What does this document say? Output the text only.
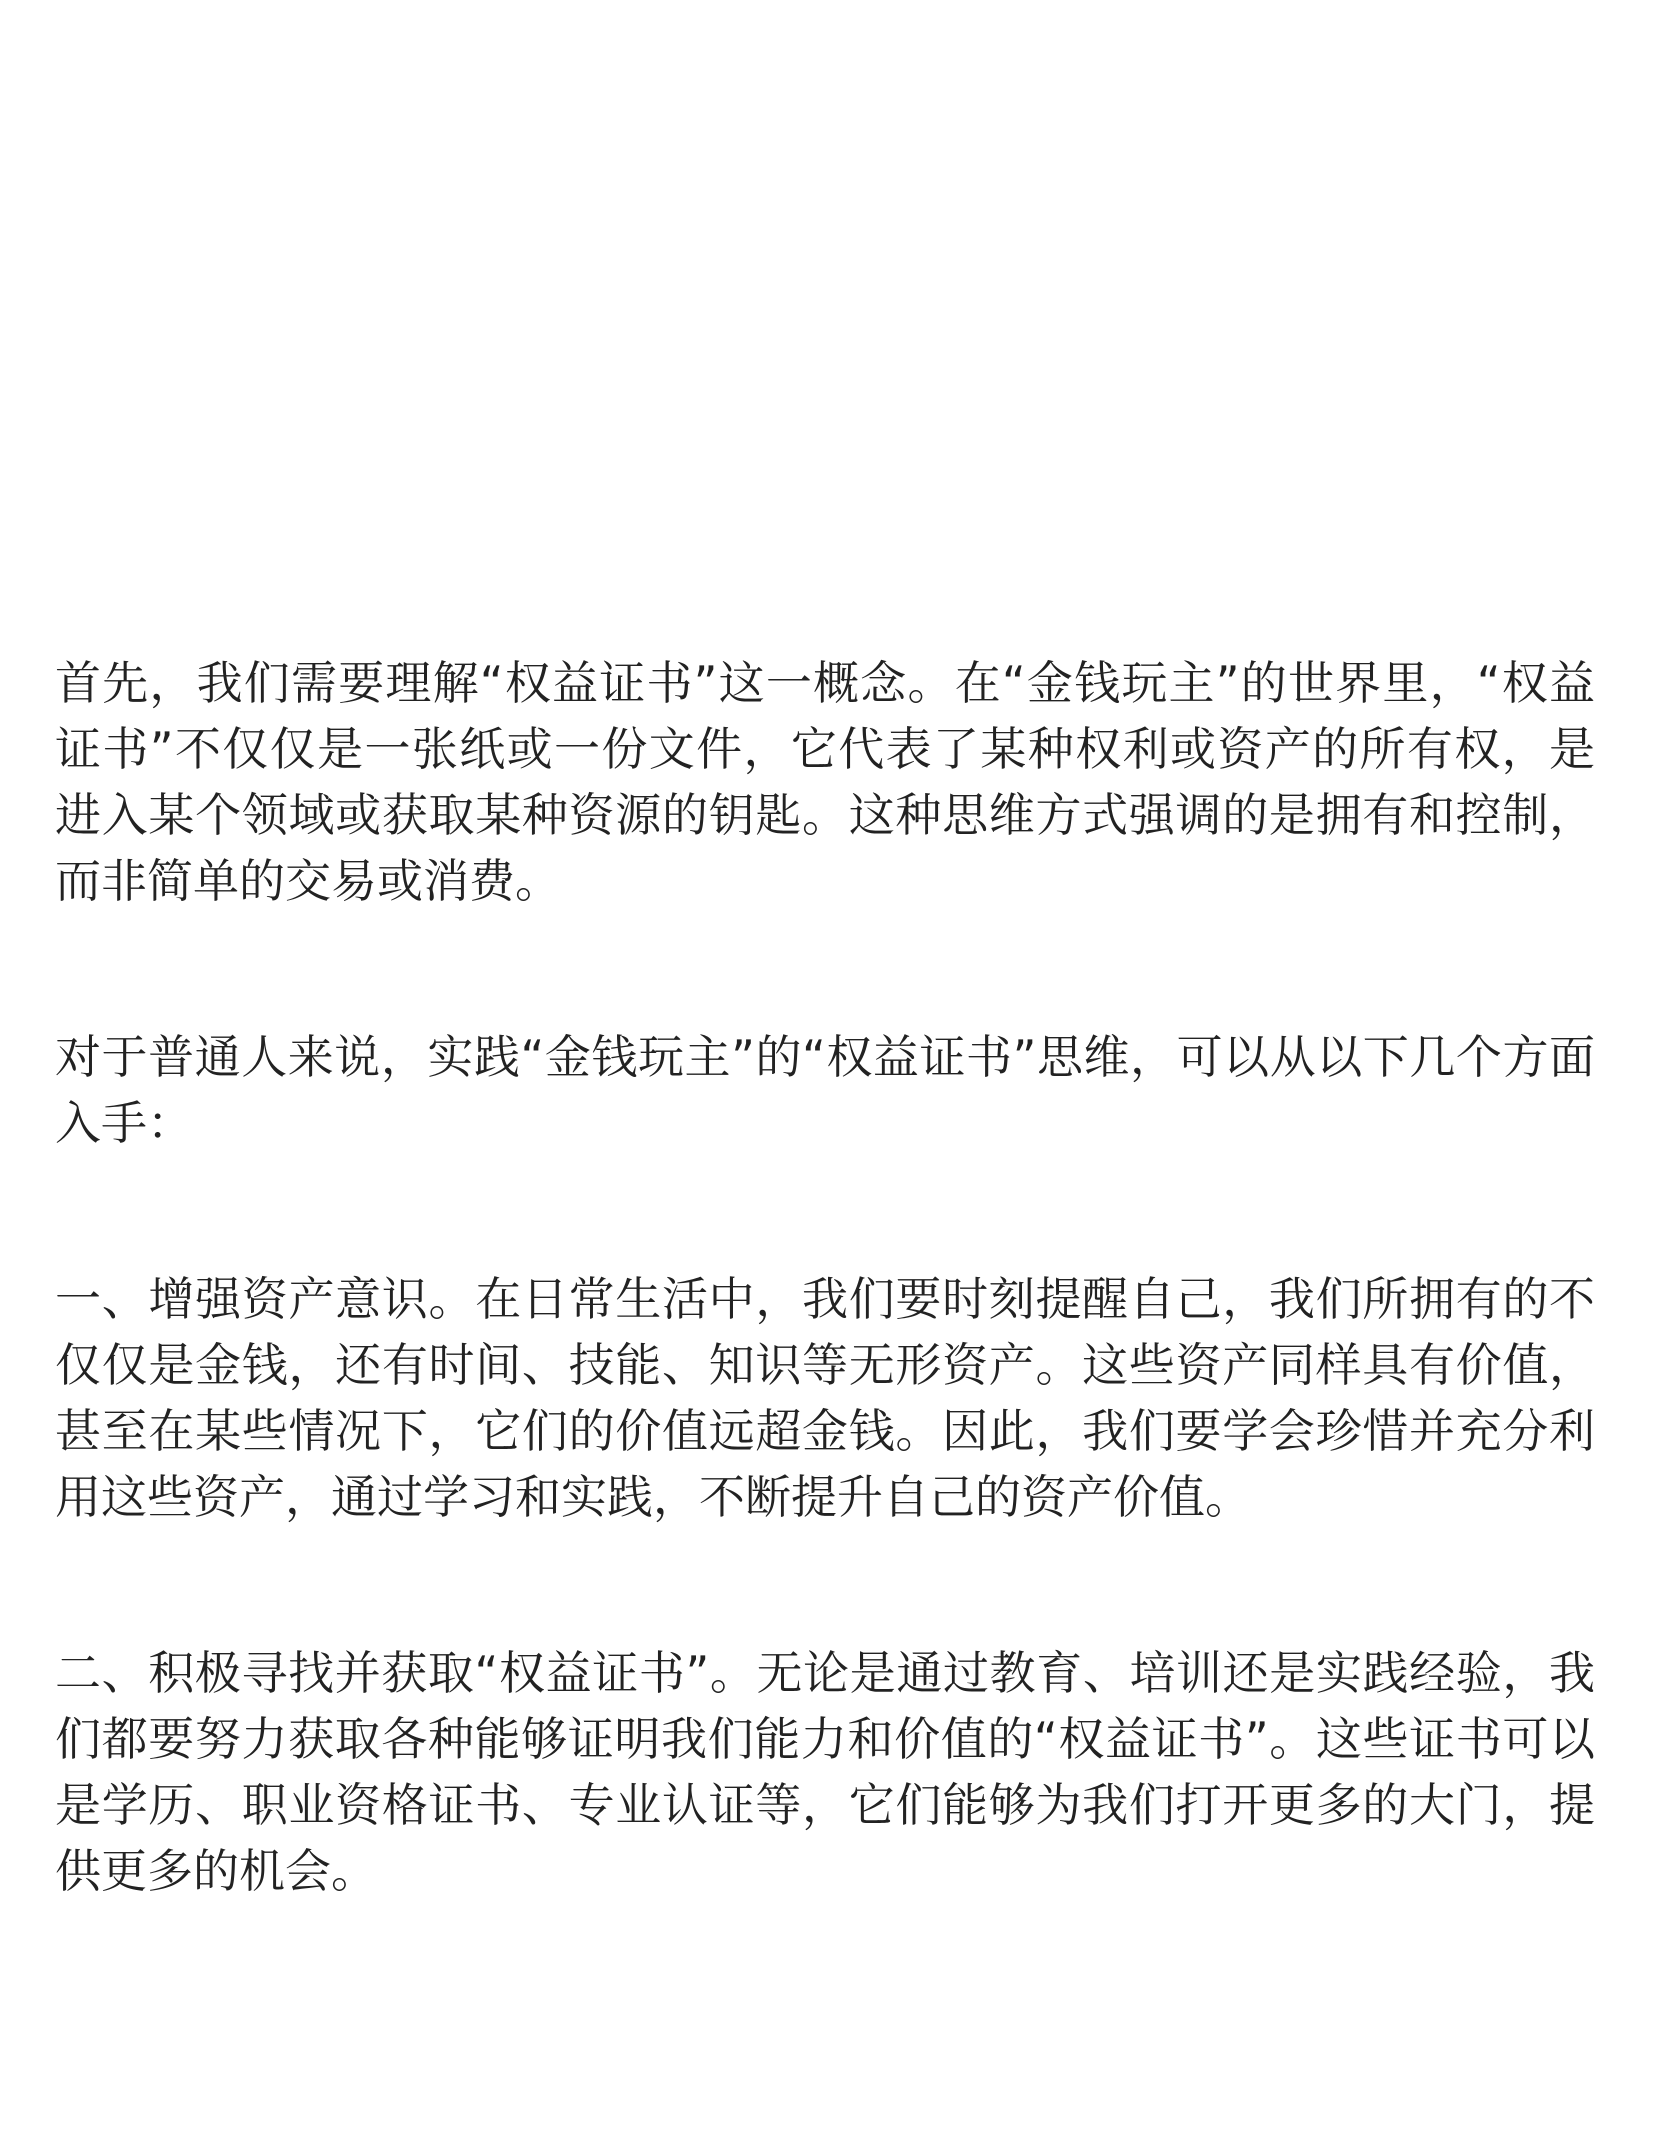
首先，我们需要理解“权益证书”这一概念。在“金钱玩主”的世界里，“权益证书”不仅仅是一张纸或一份文件，它代表了某种权利或资产的所有权，是进入某个领域或获取某种资源的钥匙。这种思维方式强调的是拥有和控制，而非简单的交易或消费。

对于普通人来说，实践“金钱玩主”的“权益证书”思维，可以从以下几个方面入手：

一、增强资产意识。在日常生活中，我们要时刻提醒自己，我们所拥有的不仅仅是金钱，还有时间、技能、知识等无形资产。这些资产同样具有价值，甚至在某些情况下，它们的价值远超金钱。因此，我们要学会珍惜并充分利用这些资产，通过学习和实践，不断提升自己的资产价值。

二、积极寻找并获取“权益证书”。无论是通过教育、培训还是实践经验，我们都要努力获取各种能够证明我们能力和价值的“权益证书”。这些证书可以是学历、职业资格证书、专业认证等，它们能够为我们打开更多的大门，提供更多的机会。
